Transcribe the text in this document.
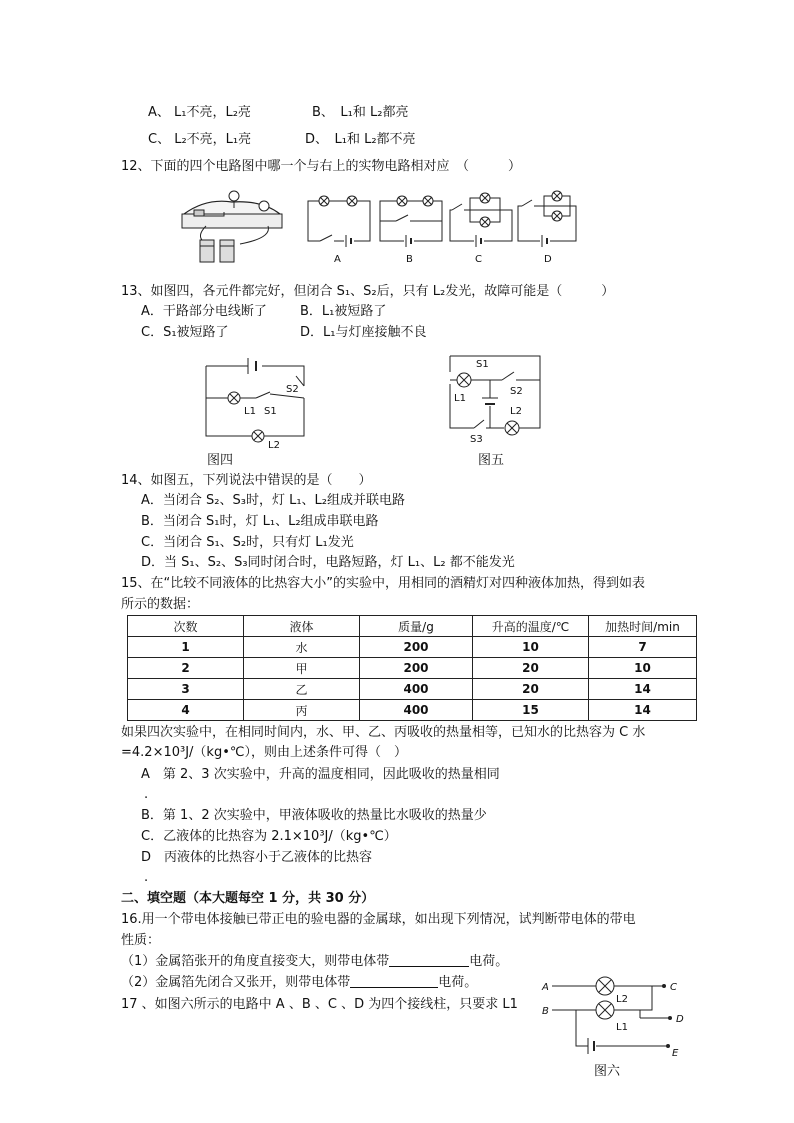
A、 L₁不亮，L₂亮	B、　L₁和 L₂都亮
C、 L₂不亮，L₁亮	D、　L₁和 L₂都不亮
12、下面的四个电路图中哪一个与右上的实物电路相对应　（　　　）
A	B	C	D
13、如图四，各元件都完好，但闭合 S₁、S₂后，只有 L₂发光，故障可能是（　　　）
A．干路部分电线断了	B．L₁被短路了
C．S₁被短路了	D．L₁与灯座接触不良
S2
L1 S1
L2
图四
S1
L1
S2
L2
S3
图五
14、如图五，下列说法中错误的是（　　）
A．当闭合 S₂、S₃时，灯 L₁、L₂组成并联电路
B．当闭合 S₁时，灯 L₁、L₂组成串联电路
C．当闭合 S₁、S₂时，只有灯 L₁发光
D．当 S₁、S₂、S₃同时闭合时，电路短路，灯 L₁、L₂ 都不能发光
15、在“比较不同液体的比热容大小”的实验中，用相同的酒精灯对四种液体加热，得到如表
所示的数据：
次数	液体	质量/g	升高的温度/℃	加热时间/min
1	水	200	10	7
2	甲	200	20	10
3	乙	400	20	14
4	丙	400	15	14
如果四次实验中，在相同时间内，水、甲、乙、丙吸收的热量相等，已知水的比热容为 C 水
=4.2×10³J/（kg•℃），则由上述条件可得（　）
A　第 2、3 次实验中，升高的温度相同，因此吸收的热量相同
.
B．第 1、2 次实验中，甲液体吸收的热量比水吸收的热量少
C．乙液体的比热容为 2.1×10³J/（kg•℃）
D　丙液体的比热容小于乙液体的比热容
.
二、填空题（本大题每空 1 分，共 30 分）
16.用一个带电体接触已带正电的验电器的金属球，如出现下列情况，试判断带电体的带电
性质：
（1）金属箔张开的角度直接变大，则带电体带	电荷。
（2）金属箔先闭合又张开，则带电体带	电荷。
17 、如图六所示的电路中 A 、B 、C 、D 为四个接线柱，只要求 L1
A
B
C
D
E
L2
L1
图六
